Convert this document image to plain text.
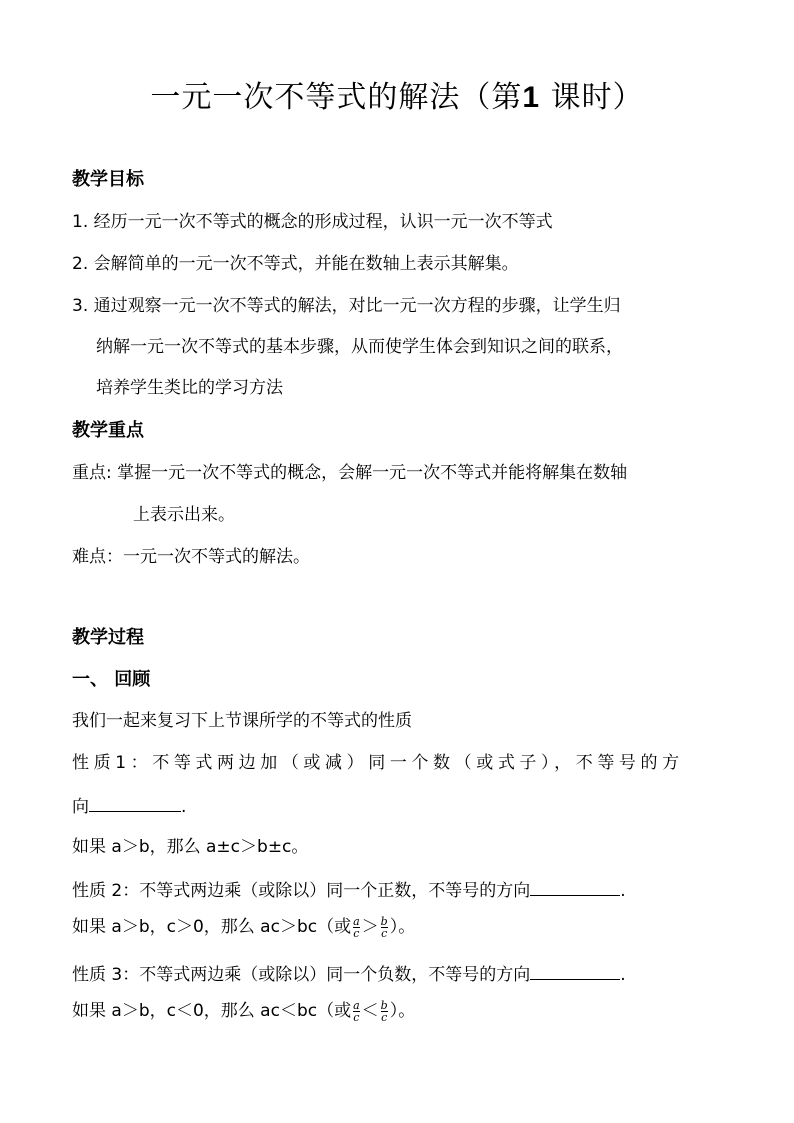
一元一次不等式的解法（第1 课时）
教学目标
1. 经历一元一次不等式的概念的形成过程，认识一元一次不等式
2. 会解简单的一元一次不等式，并能在数轴上表示其解集。
3. 通过观察一元一次不等式的解法，对比一元一次方程的步骤，让学生归
纳解一元一次不等式的基本步骤，从而使学生体会到知识之间的联系，
培养学生类比的学习方法
教学重点
重点: 掌握一元一次不等式的概念，会解一元一次不等式并能将解集在数轴
上表示出来。
难点：一元一次不等式的解法。
教学过程
一、 回顾
我们一起来复习下上节课所学的不等式的性质
性质1：不等式两边加（或减）同一个数（或式子），不等号的方
向	.
如果 a＞b，那么 a±c＞b±c。
性质 2：不等式两边乘（或除以）同一个正数，不等号的方向	.
如果 a＞b，c＞0，那么 ac＞bc（或 $\frac{a}{c} > \frac{b}{c}$ ）。
性质 3：不等式两边乘（或除以）同一个负数，不等号的方向	.
如果 a＞b，c＜0，那么 ac＜bc（或 $\frac{a}{c} < \frac{b}{c}$ ）。
